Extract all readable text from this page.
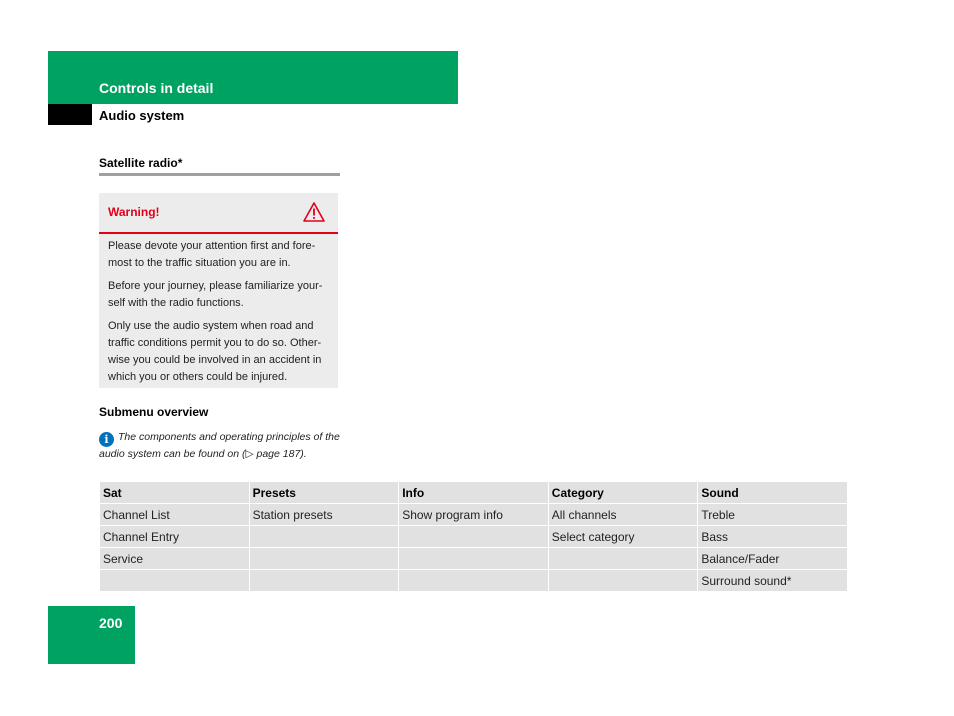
Controls in detail
Audio system
Satellite radio*
Warning!

Please devote your attention first and fore-most to the traffic situation you are in.

Before your journey, please familiarize your-self with the radio functions.

Only use the audio system when road and traffic conditions permit you to do so. Other-wise you could be involved in an accident in which you or others could be injured.

Submenu overview
i The components and operating principles of the audio system can be found on (▷ page 187).
Sat	Presets	Info	Category	Sound
Channel List	Station presets	Show program info	All channels	Treble
Channel Entry			Select category	Bass
Service				Balance/Fader
				Surround sound*
200
